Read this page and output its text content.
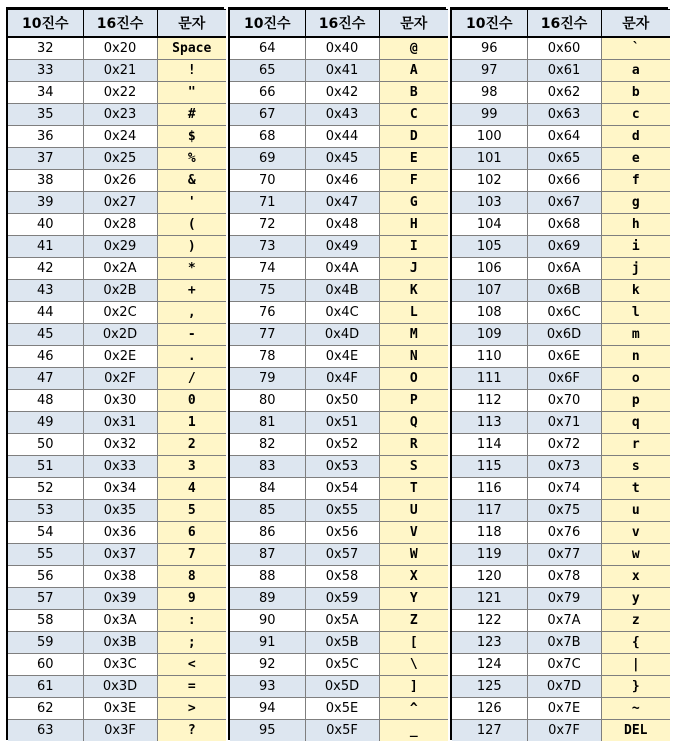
10진수	16진수	문자
32	0x20	Space
33	0x21	!
34	0x22	"
35	0x23	#
36	0x24	$
37	0x25	%
38	0x26	&
39	0x27	'
40	0x28	(
41	0x29	)
42	0x2A	*
43	0x2B	+
44	0x2C	,
45	0x2D	-
46	0x2E	.
47	0x2F	/
48	0x30	0
49	0x31	1
50	0x32	2
51	0x33	3
52	0x34	4
53	0x35	5
54	0x36	6
55	0x37	7
56	0x38	8
57	0x39	9
58	0x3A	:
59	0x3B	;
60	0x3C	<
61	0x3D	=
62	0x3E	>
63	0x3F	?
10진수	16진수	문자
64	0x40	@
65	0x41	A
66	0x42	B
67	0x43	C
68	0x44	D
69	0x45	E
70	0x46	F
71	0x47	G
72	0x48	H
73	0x49	I
74	0x4A	J
75	0x4B	K
76	0x4C	L
77	0x4D	M
78	0x4E	N
79	0x4F	O
80	0x50	P
81	0x51	Q
82	0x52	R
83	0x53	S
84	0x54	T
85	0x55	U
86	0x56	V
87	0x57	W
88	0x58	X
89	0x59	Y
90	0x5A	Z
91	0x5B	[
92	0x5C	\
93	0x5D	]
94	0x5E	^
95	0x5F	_
10진수	16진수	문자
96	0x60	`
97	0x61	a
98	0x62	b
99	0x63	c
100	0x64	d
101	0x65	e
102	0x66	f
103	0x67	g
104	0x68	h
105	0x69	i
106	0x6A	j
107	0x6B	k
108	0x6C	l
109	0x6D	m
110	0x6E	n
111	0x6F	o
112	0x70	p
113	0x71	q
114	0x72	r
115	0x73	s
116	0x74	t
117	0x75	u
118	0x76	v
119	0x77	w
120	0x78	x
121	0x79	y
122	0x7A	z
123	0x7B	{
124	0x7C	|
125	0x7D	}
126	0x7E	~
127	0x7F	DEL
